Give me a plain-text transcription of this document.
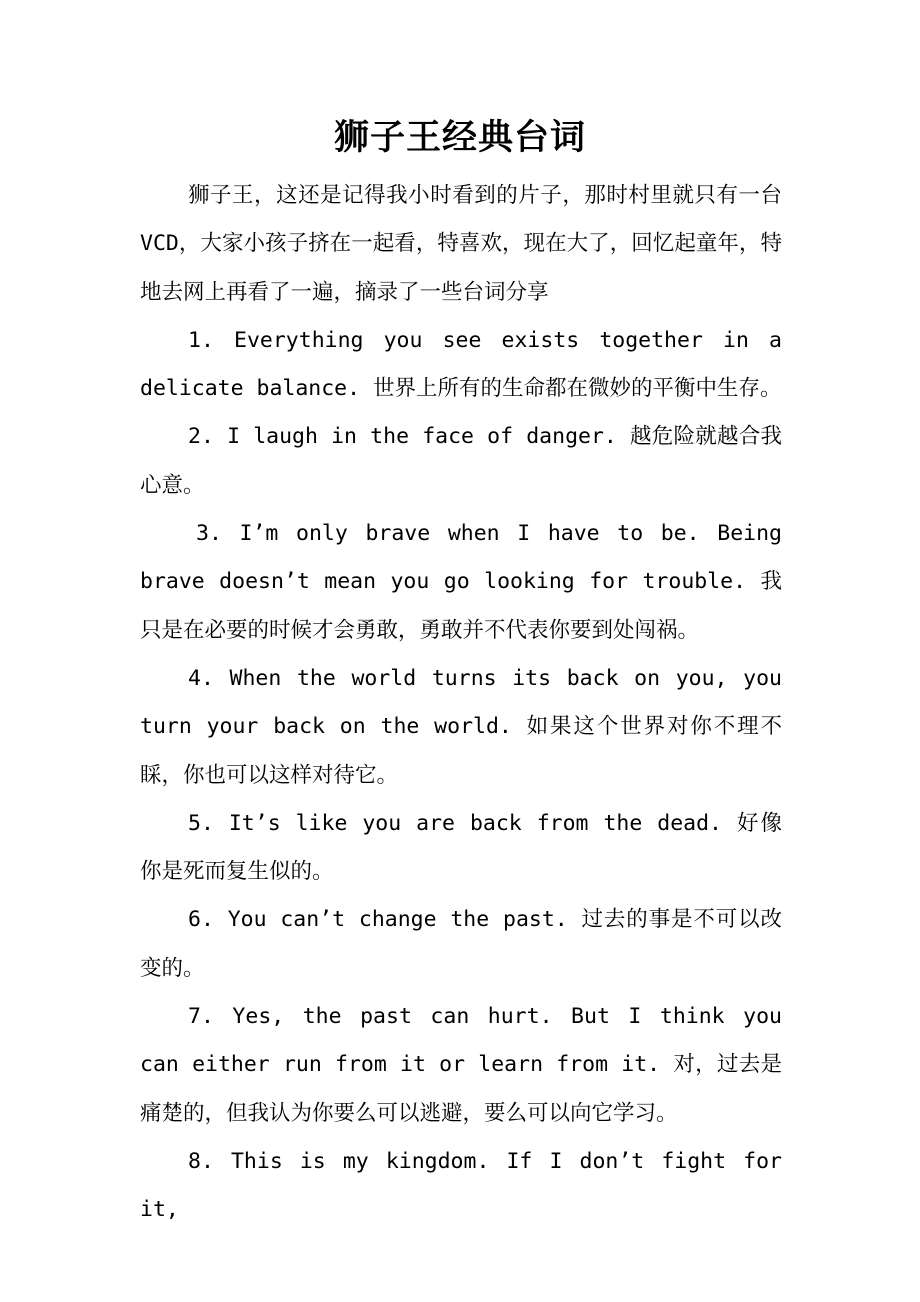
狮子王经典台词

狮子王，这还是记得我小时看到的片子，那时村里就只有一台VCD，大家小孩子挤在一起看，特喜欢，现在大了，回忆起童年，特地去网上再看了一遍，摘录了一些台词分享

1. Everything you see exists together in a delicate balance. 世界上所有的生命都在微妙的平衡中生存。

2. I laugh in the face of danger. 越危险就越合我心意。

3. I’m only brave when I have to be. Being brave doesn’t mean you go looking for trouble. 我只是在必要的时候才会勇敢，勇敢并不代表你要到处闯祸。

4. When the world turns its back on you, you turn your back on the world. 如果这个世界对你不理不睬，你也可以这样对待它。

5. It’s like you are back from the dead. 好像你是死而复生似的。

6. You can’t change the past. 过去的事是不可以改变的。

7. Yes, the past can hurt. But I think you can either run from it or learn from it. 对，过去是痛楚的，但我认为你要么可以逃避，要么可以向它学习。

8. This is my kingdom. If I don’t fight for it,
